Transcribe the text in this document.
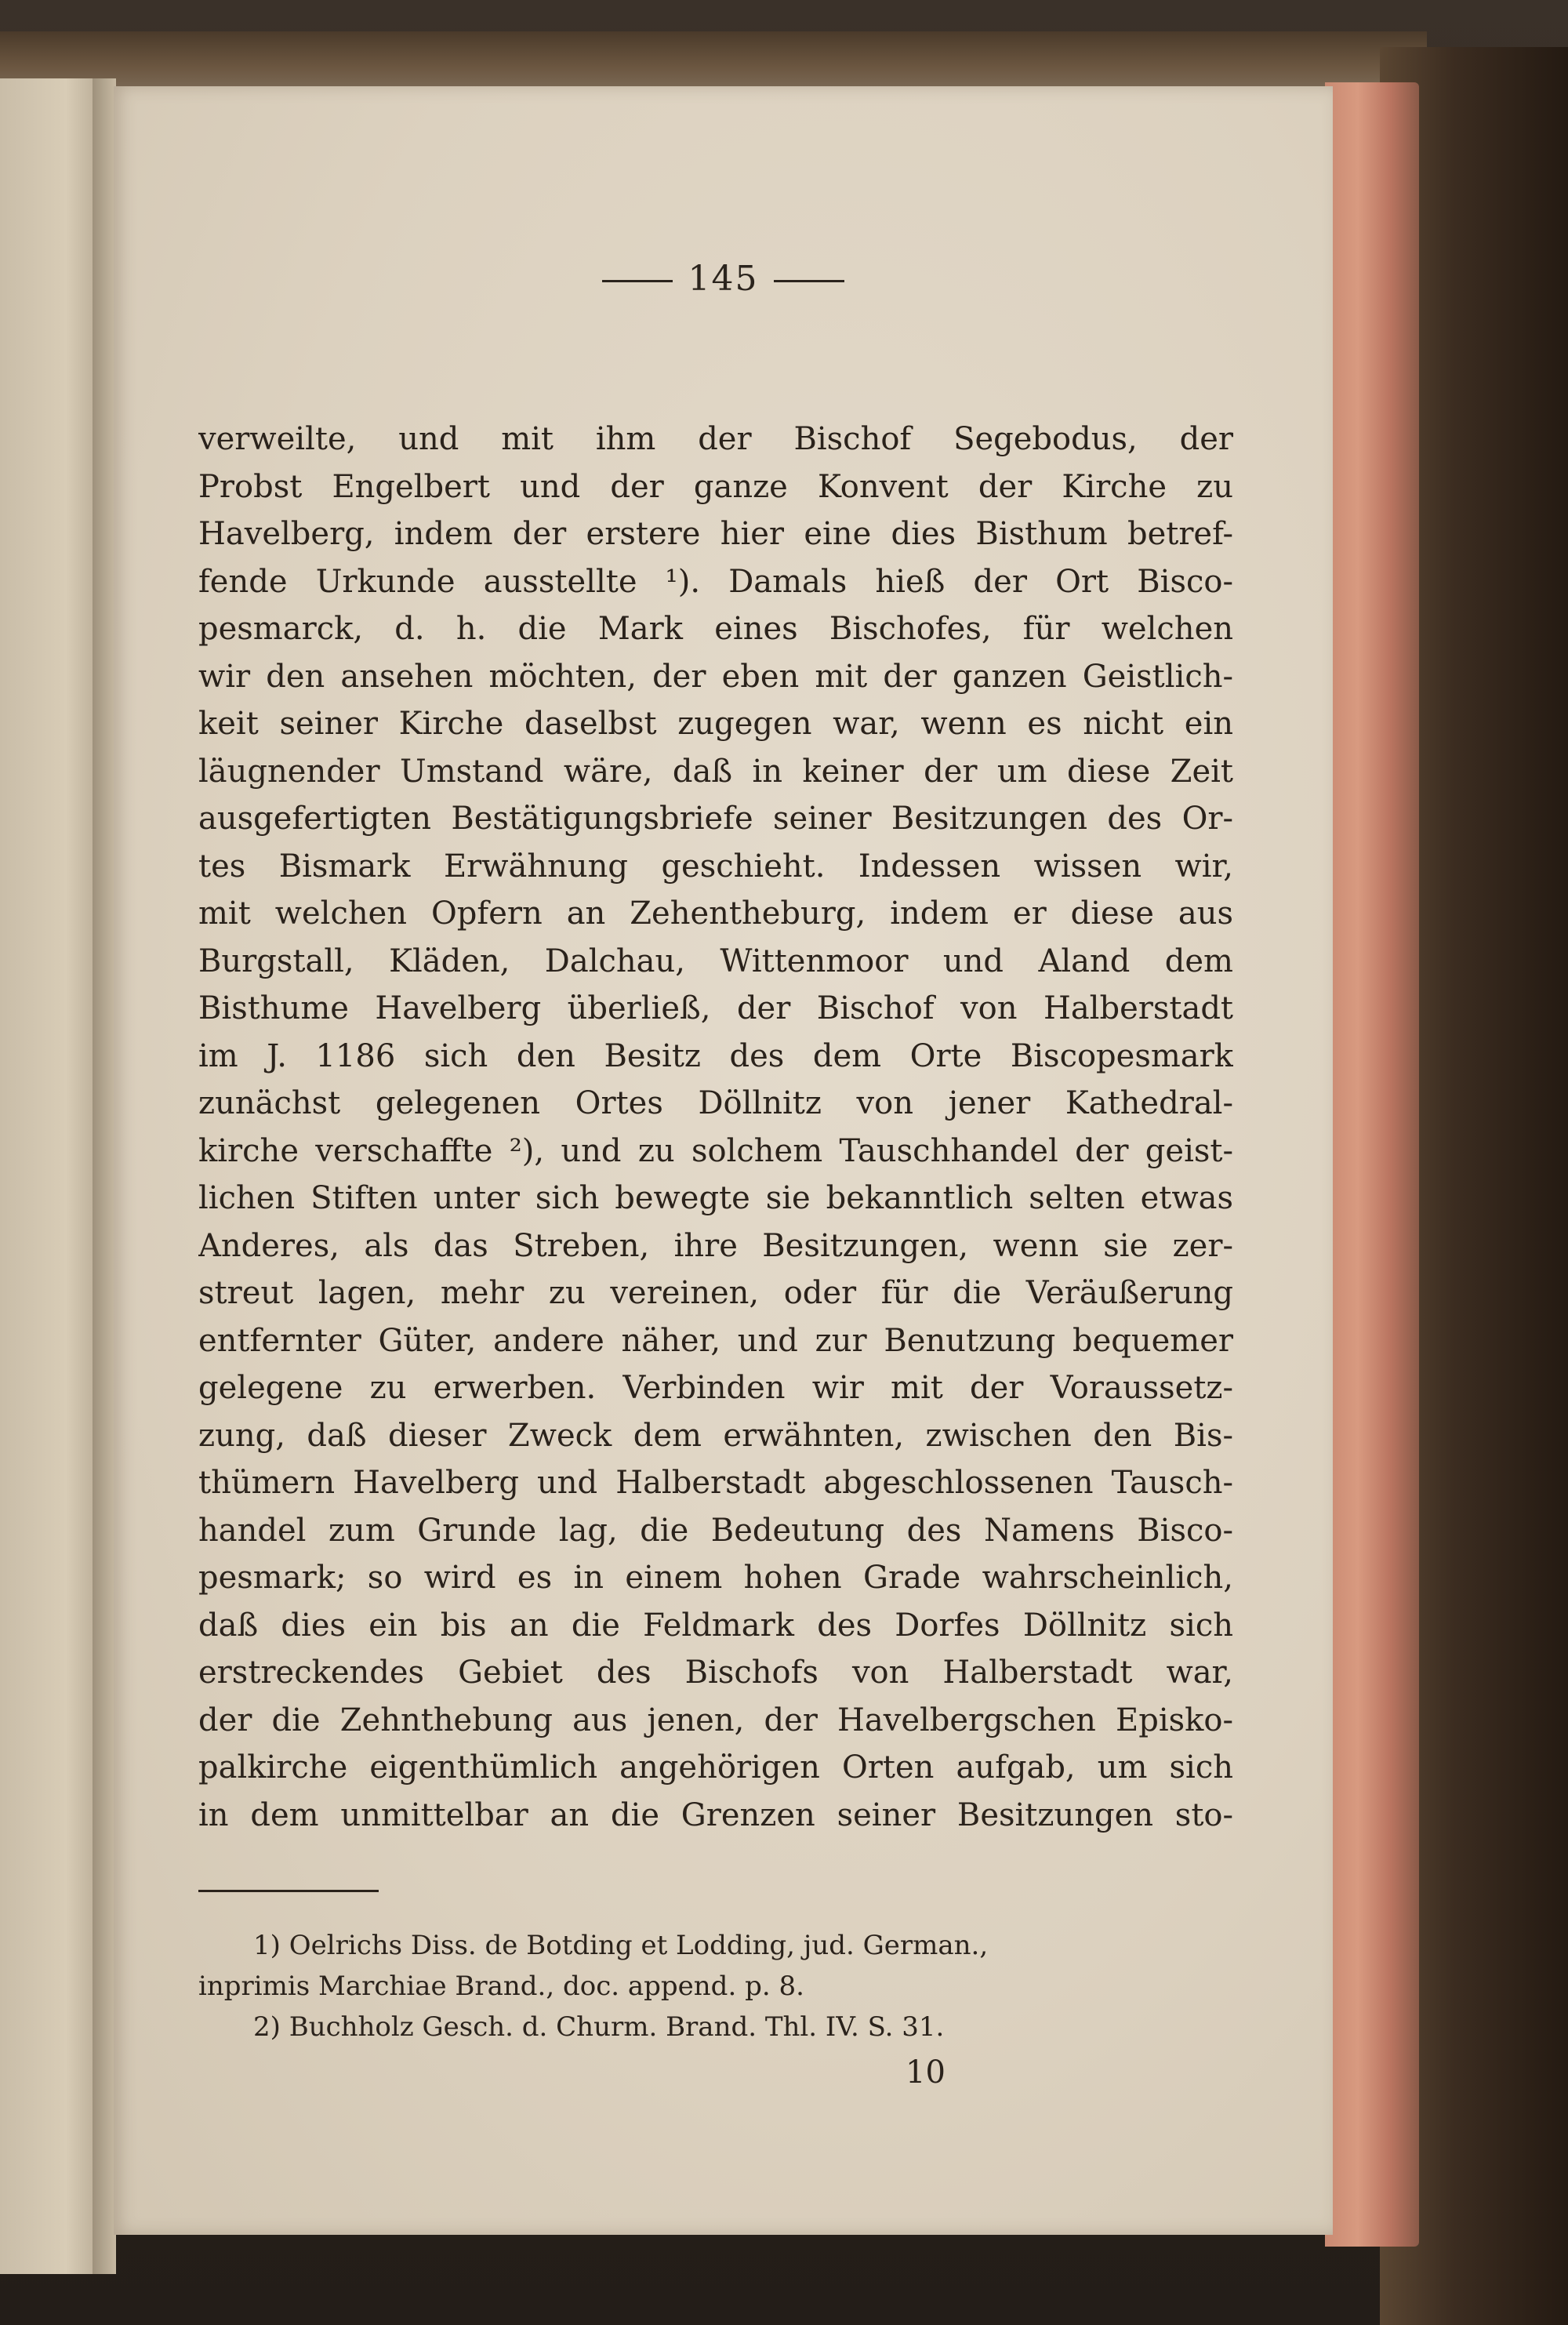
145
verweilte, und mit ihm der Bischof Segebodus, der
Probst Engelbert und der ganze Konvent der Kirche zu
Havelberg, indem der erstere hier eine dies Bisthum betref-
fende Urkunde ausstellte ¹). Damals hieß der Ort Bisco-
pesmarck, d. h. die Mark eines Bischofes, für welchen
wir den ansehen möchten, der eben mit der ganzen Geistlich-
keit seiner Kirche daselbst zugegen war, wenn es nicht ein
läugnender Umstand wäre, daß in keiner der um diese Zeit
ausgefertigten Bestätigungsbriefe seiner Besitzungen des Or-
tes Bismark Erwähnung geschieht. Indessen wissen wir,
mit welchen Opfern an Zehentheburg, indem er diese aus
Burgstall, Kläden, Dalchau, Wittenmoor und Aland dem
Bisthume Havelberg überließ, der Bischof von Halberstadt
im J. 1186 sich den Besitz des dem Orte Biscopesmark
zunächst gelegenen Ortes Döllnitz von jener Kathedral-
kirche verschaffte ²), und zu solchem Tauschhandel der geist-
lichen Stiften unter sich bewegte sie bekanntlich selten etwas
Anderes, als das Streben, ihre Besitzungen, wenn sie zer-
streut lagen, mehr zu vereinen, oder für die Veräußerung
entfernter Güter, andere näher, und zur Benutzung bequemer
gelegene zu erwerben. Verbinden wir mit der Voraussetz-
zung, daß dieser Zweck dem erwähnten, zwischen den Bis-
thümern Havelberg und Halberstadt abgeschlossenen Tausch-
handel zum Grunde lag, die Bedeutung des Namens Bisco-
pesmark; so wird es in einem hohen Grade wahrscheinlich,
daß dies ein bis an die Feldmark des Dorfes Döllnitz sich
erstreckendes Gebiet des Bischofs von Halberstadt war,
der die Zehnthebung aus jenen, der Havelbergschen Episko-
palkirche eigenthümlich angehörigen Orten aufgab, um sich
in dem unmittelbar an die Grenzen seiner Besitzungen sto-
1) Oelrichs Diss. de Botding et Lodding, jud. German.,
inprimis Marchiae Brand., doc. append. p. 8.
2) Buchholz Gesch. d. Churm. Brand. Thl. IV. S. 31.
10
